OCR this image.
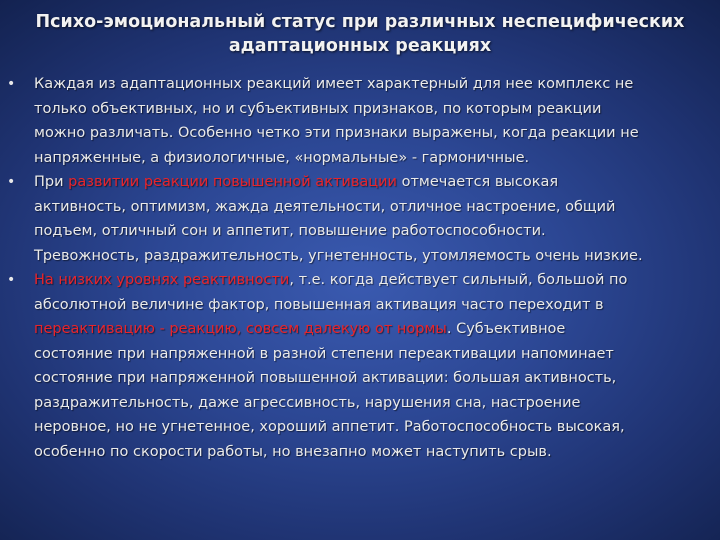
Психо-эмоциональный статус при различных неспецифических
адаптационных реакциях
• Каждая из адаптационных реакций имеет характерный для нее комплекс не
только объективных, но и субъективных признаков, по которым реакции
можно различать. Особенно четко эти признаки выражены, когда реакции не
напряженные, а физиологичные, «нормальные» - гармоничные.
• При развитии реакции повышенной активации отмечается высокая
активность, оптимизм, жажда деятельности, отличное настроение, общий
подъем, отличный сон и аппетит, повышение работоспособности.
Тревожность, раздражительность, угнетенность, утомляемость очень низкие.
• На низких уровнях реактивности, т.е. когда действует сильный, большой по
абсолютной величине фактор, повышенная активация часто переходит в
переактивацию - реакцию, совсем далекую от нормы. Субъективное
состояние при напряженной в разной степени переактивации напоминает
состояние при напряженной повышенной активации: большая активность,
раздражительность, даже агрессивность, нарушения сна, настроение
неровное, но не угнетенное, хороший аппетит. Работоспособность высокая,
особенно по скорости работы, но внезапно может наступить срыв.
